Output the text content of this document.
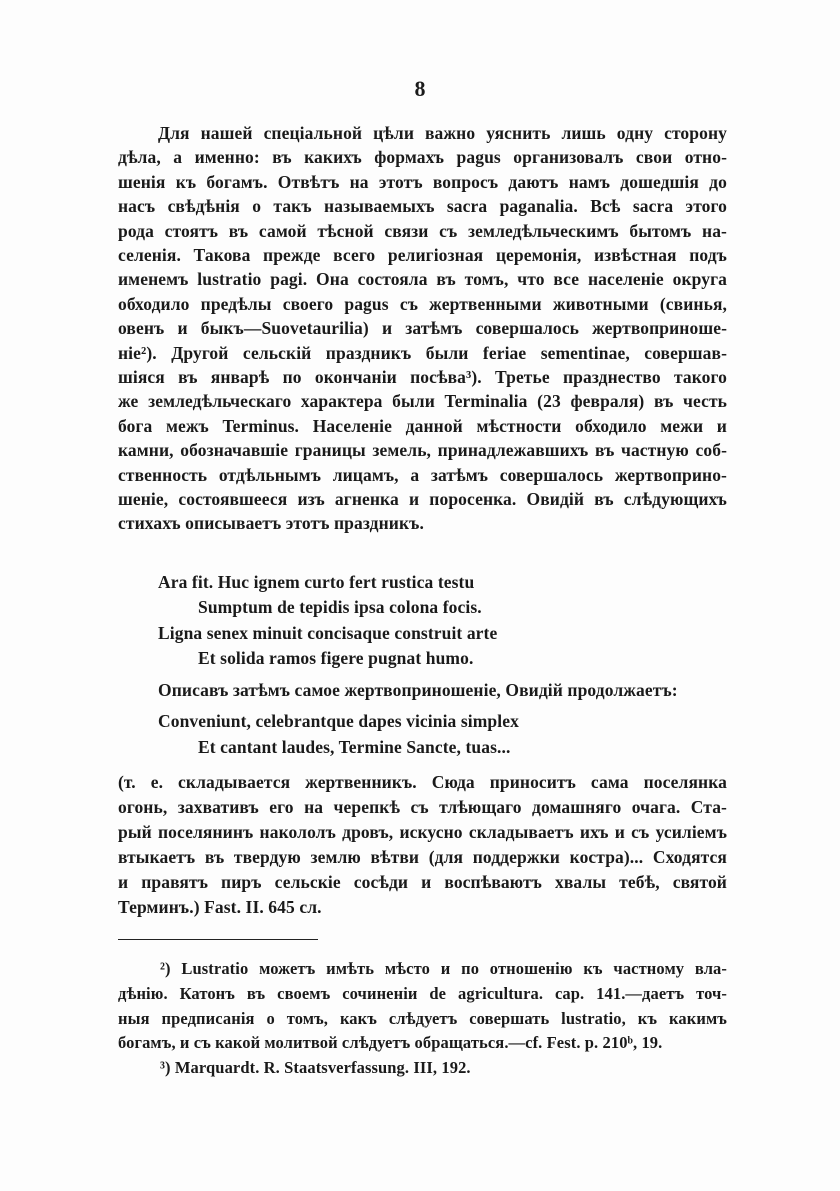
8
Для нашей спеціальной цѣли важно уяснить лишь одну сторону
дѣла, а именно: въ какихъ формахъ pagus организовалъ свои отно-
шенія къ богамъ. Отвѣтъ на этотъ вопросъ даютъ намъ дошедшія до
насъ свѣдѣнія о такъ называемыхъ sacra paganalia. Всѣ sacra этого
рода стоятъ въ самой тѣсной связи съ земледѣльческимъ бытомъ на-
селенія. Такова прежде всего религіозная церемонія, извѣстная подъ
именемъ lustratio pagi. Она состояла въ томъ, что все населеніе округа
обходило предѣлы своего pagus съ жертвенными животными (свинья,
овенъ и быкъ—Suovetaurilia) и затѣмъ совершалось жертвоприноше-
ніе²). Другой сельскій праздникъ были feriae sementinae, совершав-
шіяся въ январѣ по окончаніи посѣва³). Третье празднество такого
же земледѣльческаго характера были Terminalia (23 февраля) въ честь
бога межъ Terminus. Населеніе данной мѣстности обходило межи и
камни, обозначавшіе границы земель, принадлежавшихъ въ частную соб-
ственность отдѣльнымъ лицамъ, а затѣмъ совершалось жертвоприно-
шеніе, состоявшееся изъ агненка и поросенка. Овидій въ слѣдующихъ
стихахъ описываетъ этотъ праздникъ.
Ara fit. Huc ignem curto fert rustica testu
Sumptum de tepidis ipsa colona focis.
Ligna senex minuit concisaque construit arte
Et solida ramos figere pugnat humo.
Описавъ затѣмъ самое жертвоприношеніе, Овидій продолжаетъ:
Conveniunt, celebrantque dapes vicinia simplex
Et cantant laudes, Termine Sancte, tuas...
(т. е. складывается жертвенникъ. Сюда приноситъ сама поселянка
огонь, захвативъ его на черепкѣ съ тлѣющаго домашняго очага. Ста-
рый поселянинъ накололъ дровъ, искусно складываетъ ихъ и съ усиліемъ
втыкаетъ въ твердую землю вѣтви (для поддержки костра)... Сходятся
и правятъ пиръ сельскіе сосѣди и воспѣваютъ хвалы тебѣ, святой
Терминъ.) Fast. II. 645 сл.
²) Lustratio можетъ имѣть мѣсто и по отношенію къ частному вла-
дѣнію. Катонъ въ своемъ сочиненіи de agricultura. cap. 141.—даетъ точ-
ныя предписанія о томъ, какъ слѣдуетъ совершать lustratio, къ какимъ
богамъ, и съ какой молитвой слѣдуетъ обращаться.—cf. Fest. p. 210ᵇ, 19.
³) Marquardt. R. Staatsverfassung. III, 192.
